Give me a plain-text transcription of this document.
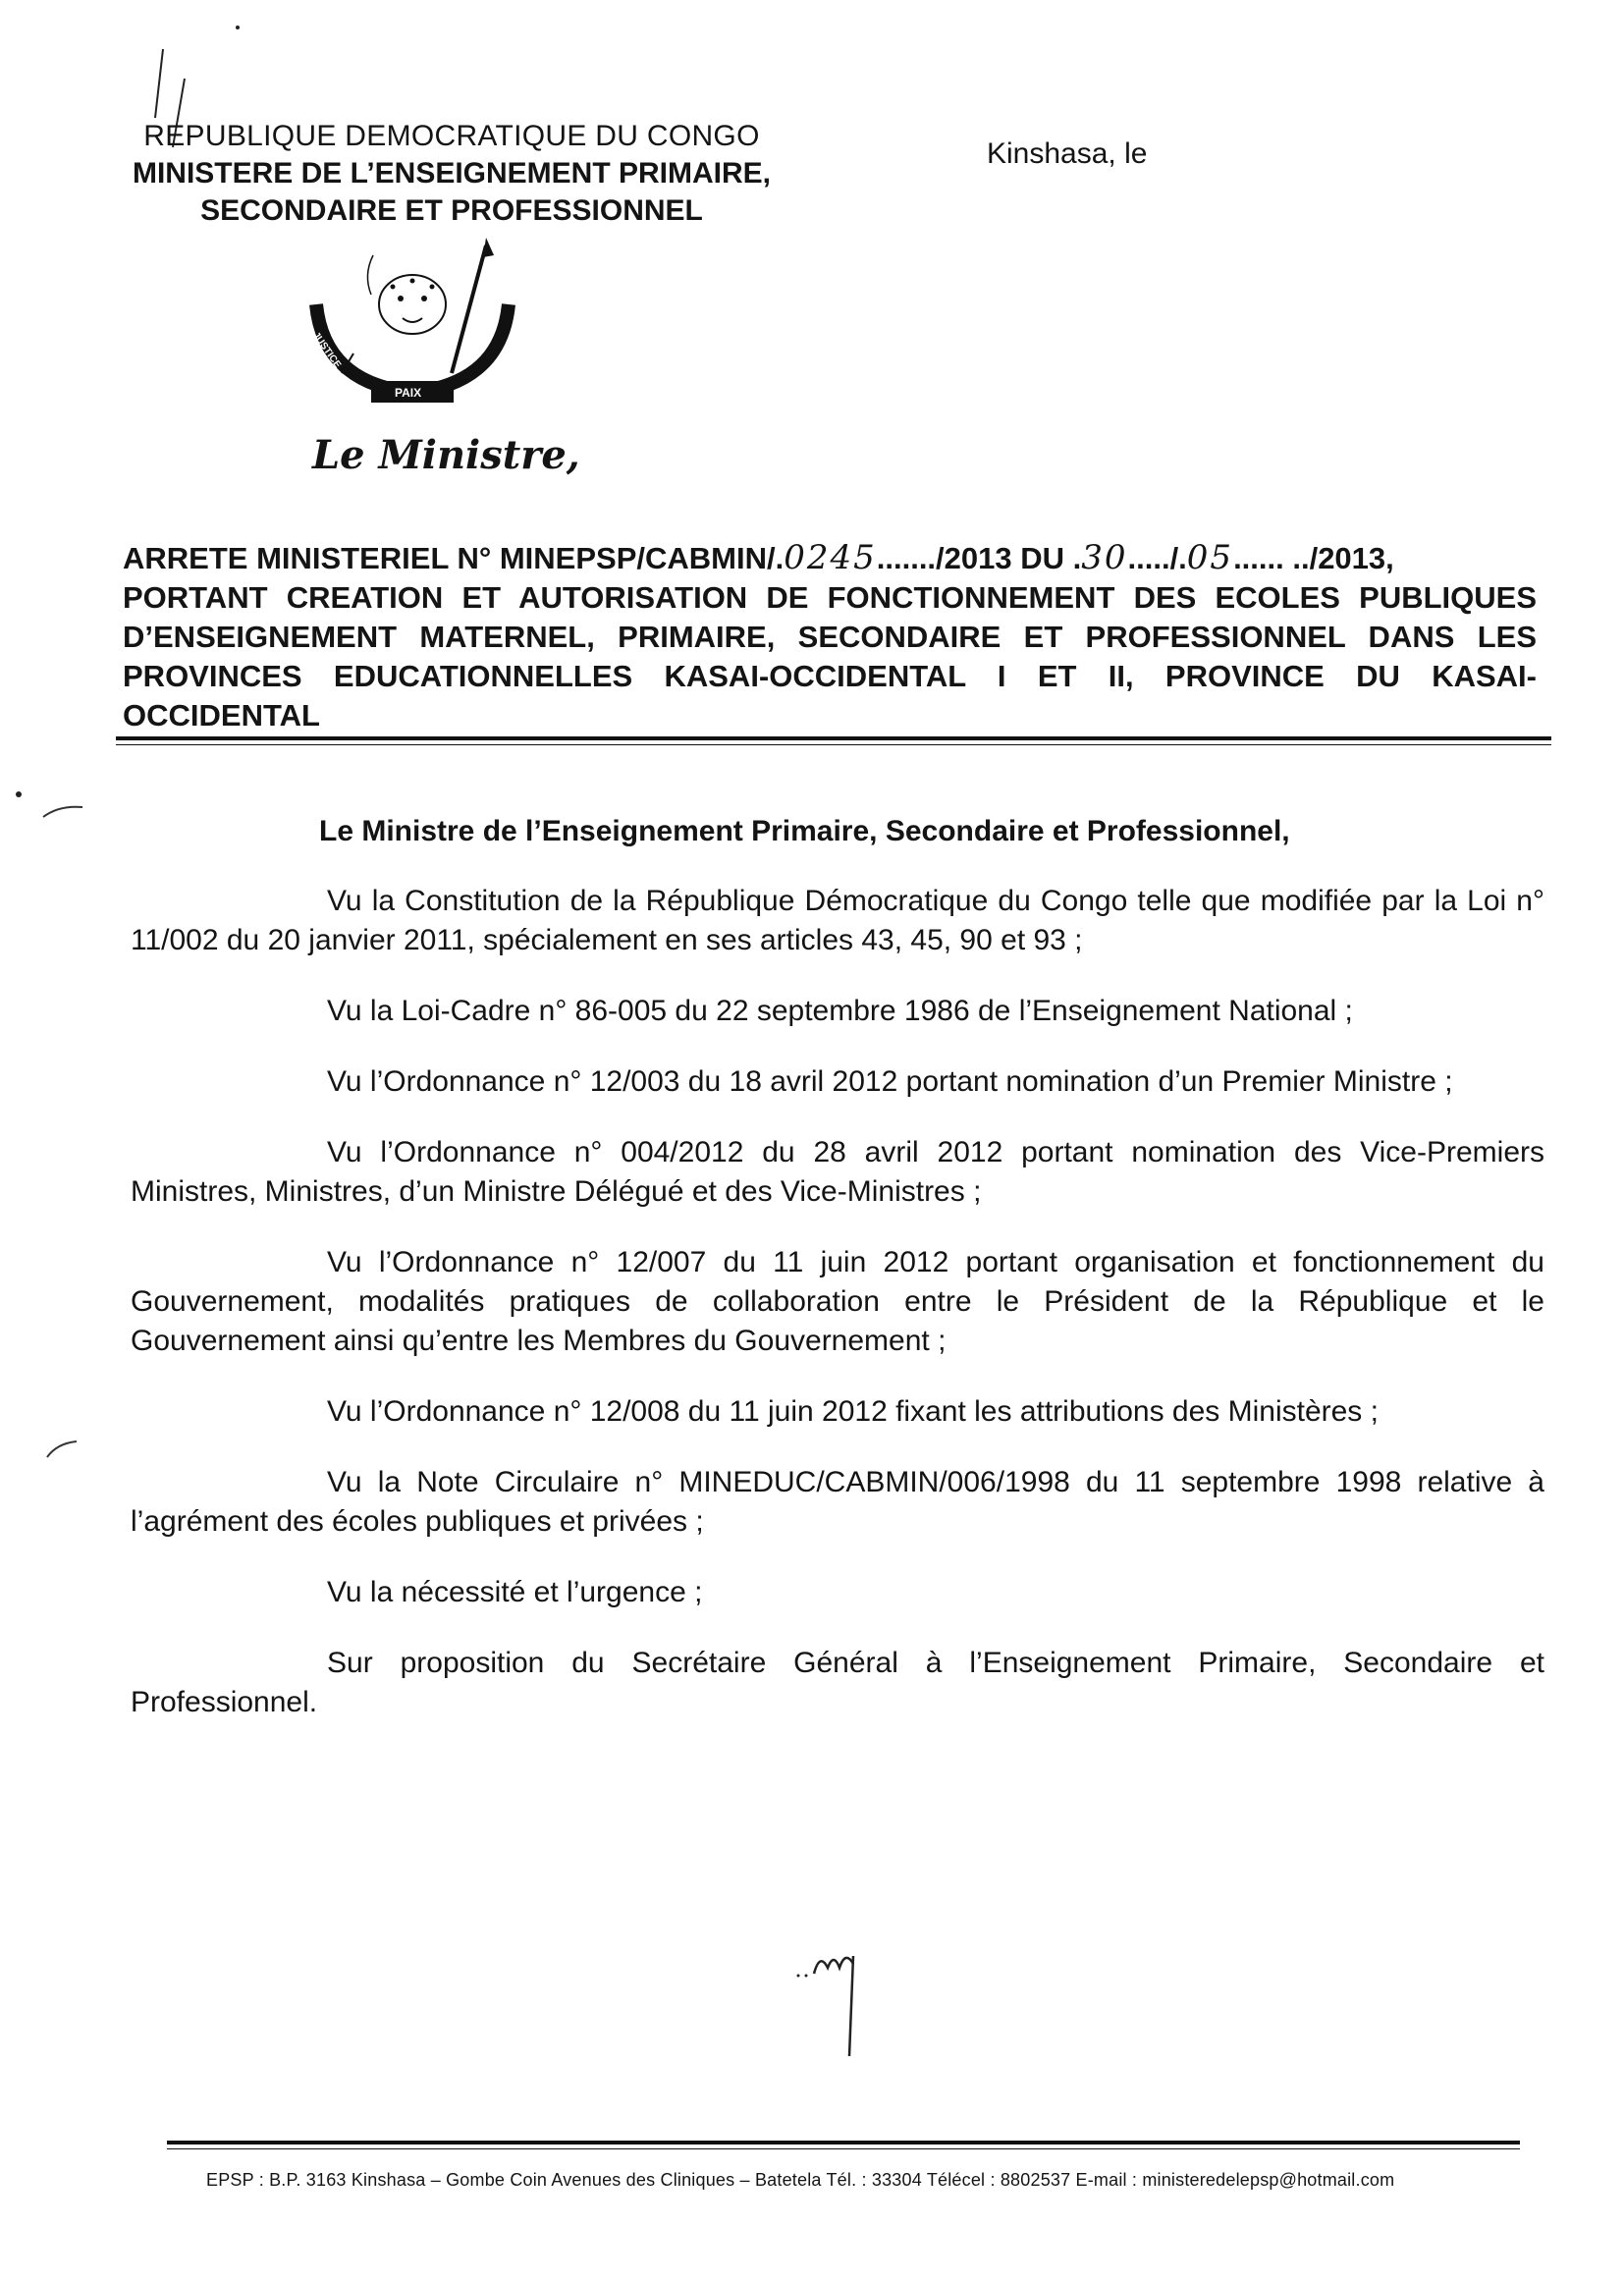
REPUBLIQUE DEMOCRATIQUE DU CONGO
MINISTERE DE L’ENSEIGNEMENT PRIMAIRE,
SECONDAIRE ET PROFESSIONNEL
Kinshasa, le
JUSTICE
PAIX
TRAVAIL
Le Ministre,
ARRETE MINISTERIEL N° MINEPSP/CABMIN/.0245......./2013 DU .30...../.05...... ../2013,
PORTANT CREATION ET AUTORISATION DE FONCTIONNEMENT DES ECOLES PUBLIQUES D’ENSEIGNEMENT MATERNEL, PRIMAIRE, SECONDAIRE ET PROFESSIONNEL DANS LES PROVINCES EDUCATIONNELLES KASAI-OCCIDENTAL I ET II, PROVINCE DU KASAI-OCCIDENTAL
Le Ministre de l’Enseignement Primaire, Secondaire et Professionnel,

Vu la Constitution de la République Démocratique du Congo telle que modifiée par la Loi n° 11/002 du 20 janvier 2011, spécialement en ses articles 43, 45, 90 et 93 ;

Vu la Loi-Cadre n° 86-005 du 22 septembre 1986 de l’Enseignement National ;

Vu l’Ordonnance n° 12/003 du 18 avril 2012 portant nomination d’un Premier Ministre ;

Vu l’Ordonnance n° 004/2012 du 28 avril 2012 portant nomination des Vice-Premiers Ministres, Ministres, d’un Ministre Délégué et des Vice-Ministres ;

Vu l’Ordonnance n° 12/007 du 11 juin 2012 portant organisation et fonctionnement du Gouvernement, modalités pratiques de collaboration entre le Président de la République et le Gouvernement ainsi qu’entre les Membres du Gouvernement ;

Vu l’Ordonnance n° 12/008 du 11 juin 2012 fixant les attributions des Ministères ;

Vu la Note Circulaire n° MINEDUC/CABMIN/006/1998 du 11 septembre 1998 relative à l’agrément des écoles publiques et privées ;

Vu la nécessité et l’urgence ;

Sur proposition du Secrétaire Général à l’Enseignement Primaire, Secondaire et Professionnel.

EPSP : B.P. 3163 Kinshasa – Gombe Coin Avenues des Cliniques – Batetela Tél. : 33304 Télécel : 8802537 E-mail : ministeredelepsp@hotmail.com
